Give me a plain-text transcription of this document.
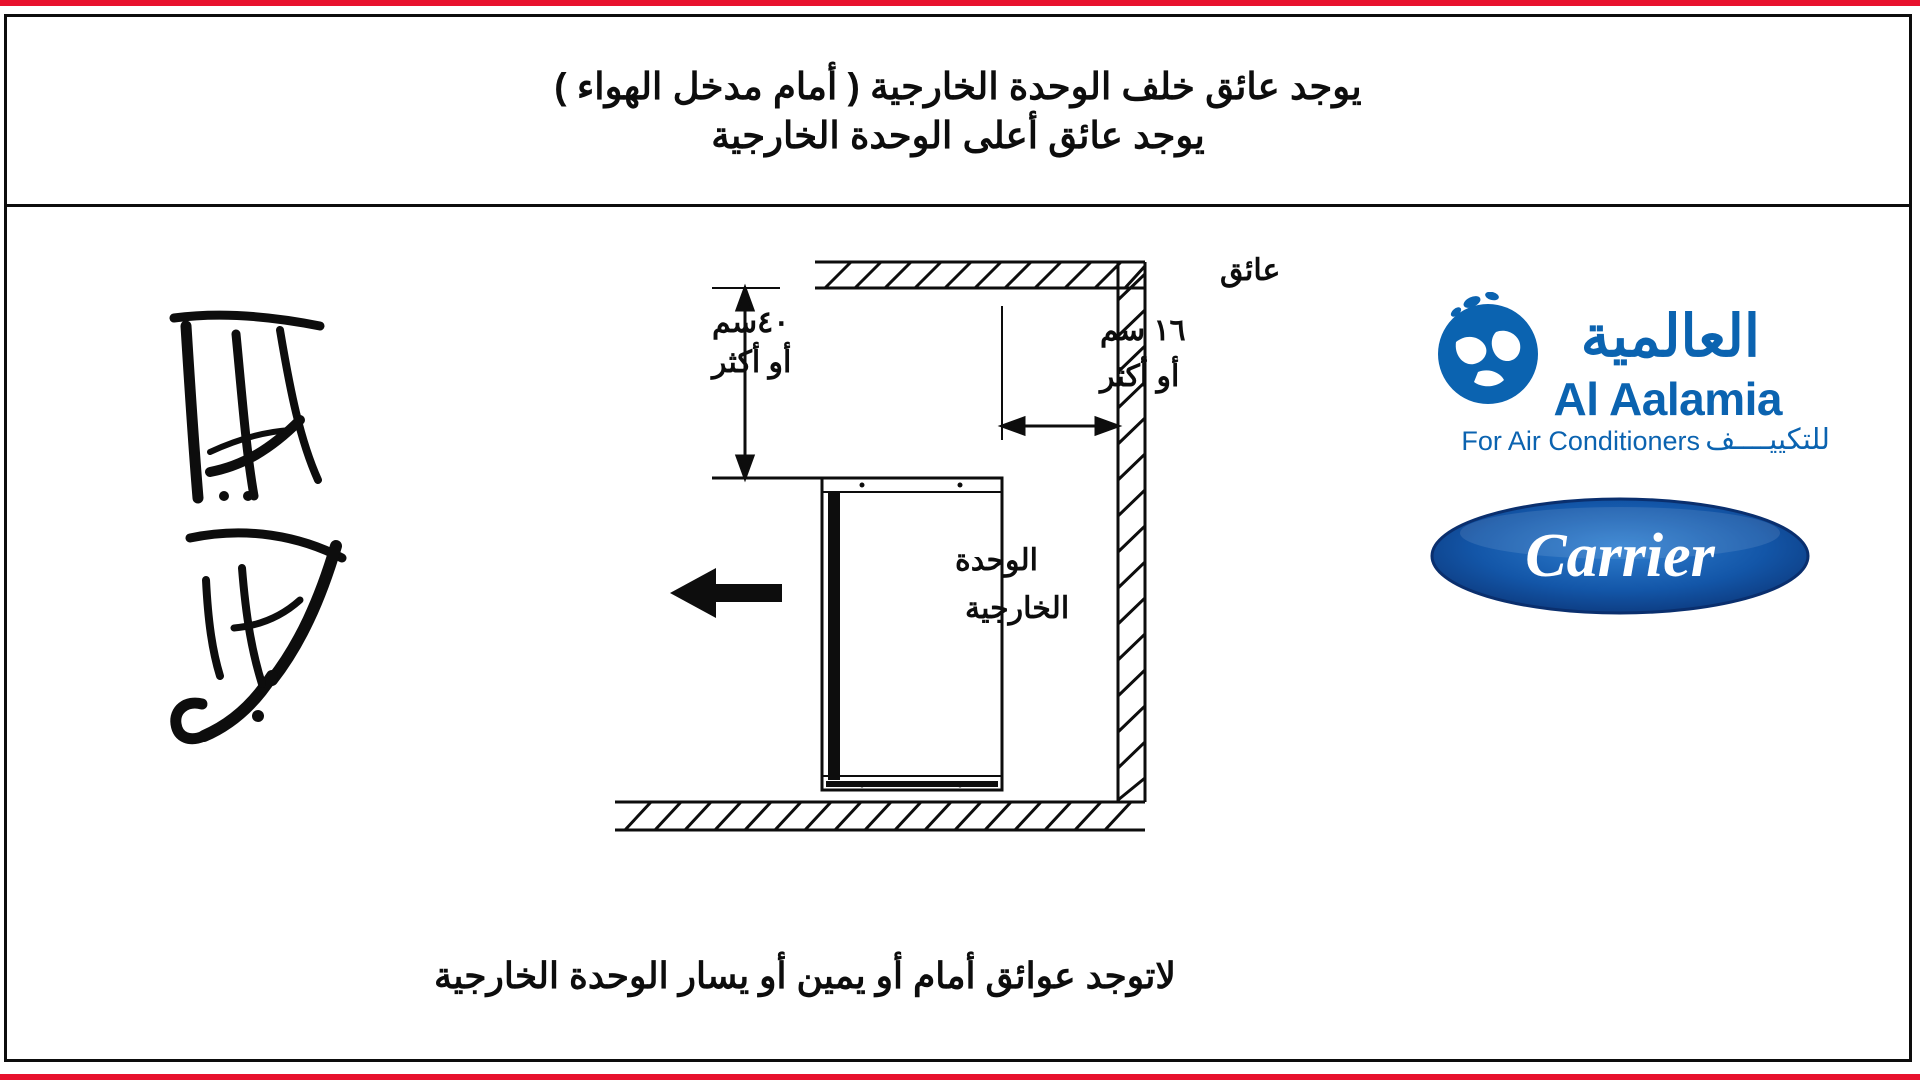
يوجد عائق خلف الوحدة الخارجية ( أمام مدخل الهواء )
يوجد عائق أعلى الوحدة الخارجية
العالمية
Al Aalamia
For Air Conditioners للتكييــــف
Carrier
٤٠سم
أو أكثر
١٦ سم
أو أكثر
عائق
الوحدة
الخارجية
لاتوجد عوائق أمام أو يمين أو يسار الوحدة الخارجية
